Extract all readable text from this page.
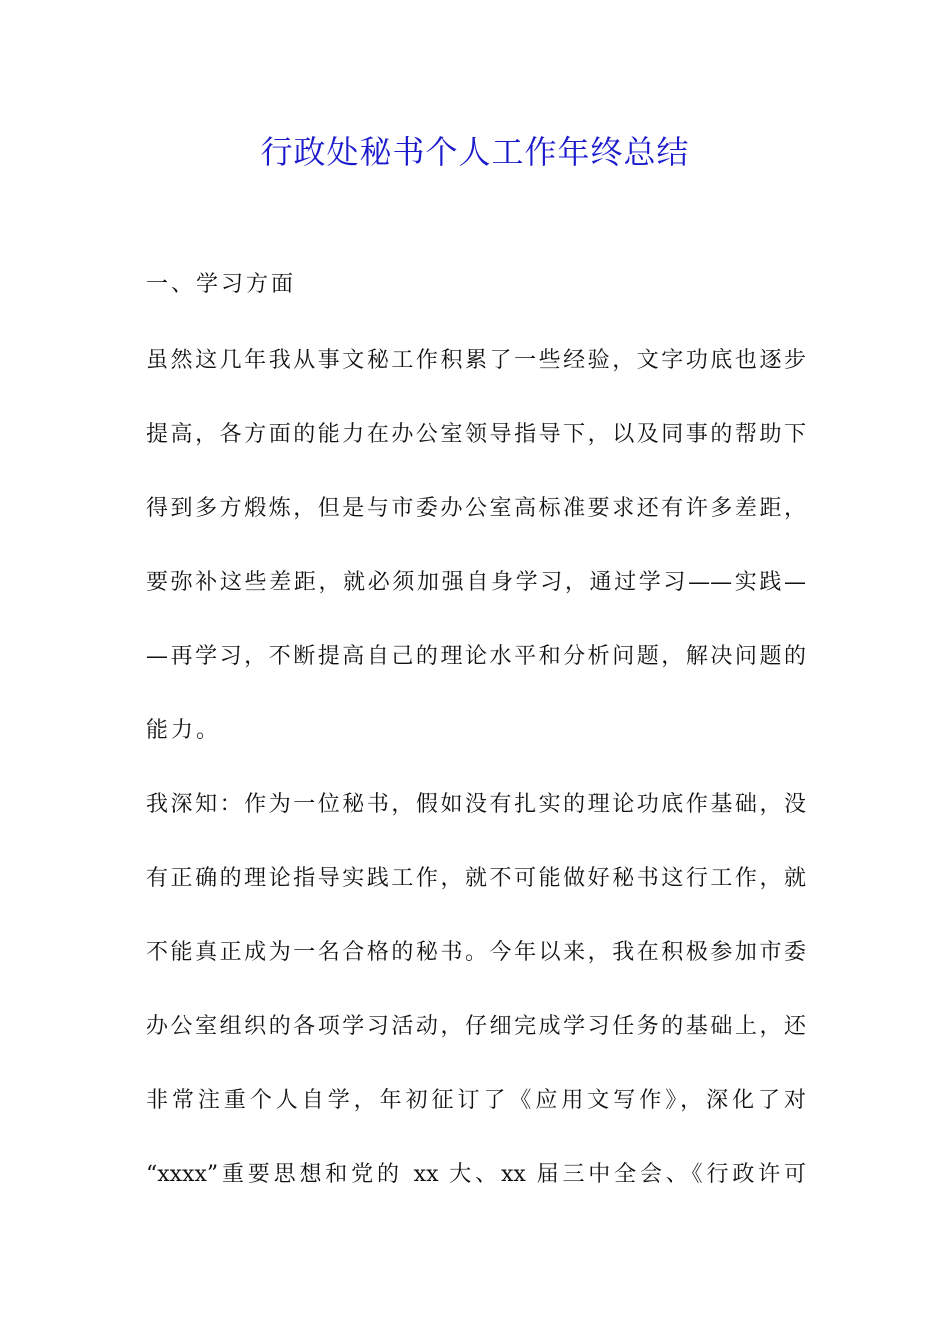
行政处秘书个人工作年终总结
一、学习方面
虽然这几年我从事文秘工作积累了一些经验，文字功底也逐步
提高，各方面的能力在办公室领导指导下，以及同事的帮助下
得到多方煅炼，但是与市委办公室高标准要求还有许多差距，
要弥补这些差距，就必须加强自身学习，通过学习——实践—
—再学习，不断提高自己的理论水平和分析问题，解决问题的
能力。
我深知：作为一位秘书，假如没有扎实的理论功底作基础，没
有正确的理论指导实践工作，就不可能做好秘书这行工作，就
不能真正成为一名合格的秘书。今年以来，我在积极参加市委
办公室组织的各项学习活动，仔细完成学习任务的基础上，还
非常注重个人自学，年初征订了《应用文写作》，深化了对
“xxxx”重要思想和党的 xx 大、xx 届三中全会、《行政许可
